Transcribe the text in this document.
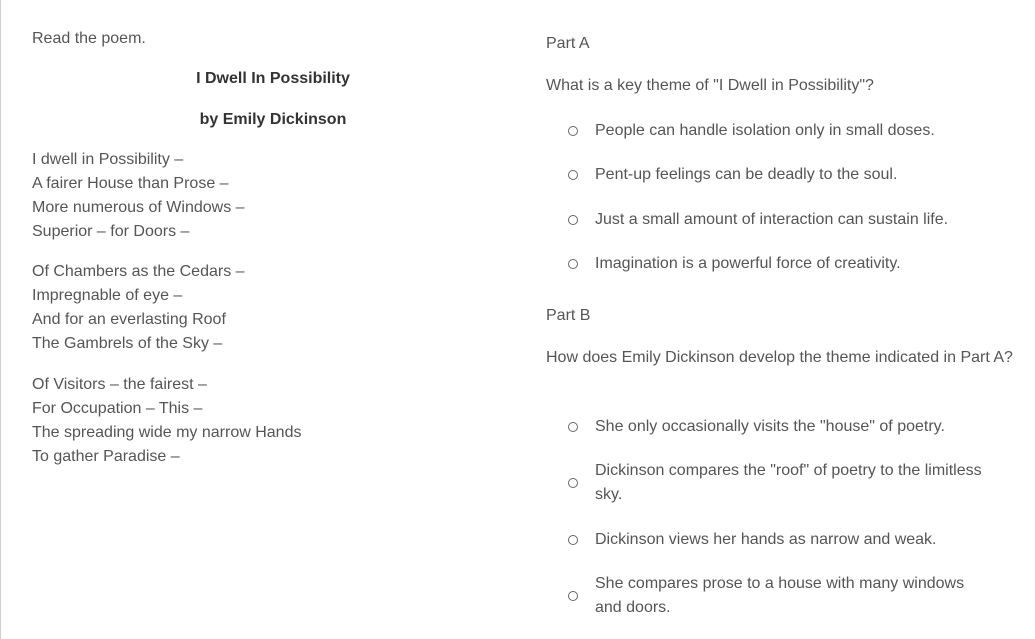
Read the poem.
I Dwell In Possibility
by Emily Dickinson
I dwell in Possibility –
A fairer House than Prose –
More numerous of Windows –
Superior – for Doors –
Of Chambers as the Cedars –
Impregnable of eye –
And for an everlasting Roof
The Gambrels of the Sky –
Of Visitors – the fairest –
For Occupation – This –
The spreading wide my narrow Hands
To gather Paradise –
Part A
What is a key theme of "I Dwell in Possibility"?
People can handle isolation only in small doses.
Pent-up feelings can be deadly to the soul.
Just a small amount of interaction can sustain life.
Imagination is a powerful force of creativity.
Part B
How does Emily Dickinson develop the theme indicated in Part A?
She only occasionally visits the "house" of poetry.
Dickinson compares the "roof" of poetry to the limitless sky.
Dickinson views her hands as narrow and weak.
She compares prose to a house with many windows and doors.
